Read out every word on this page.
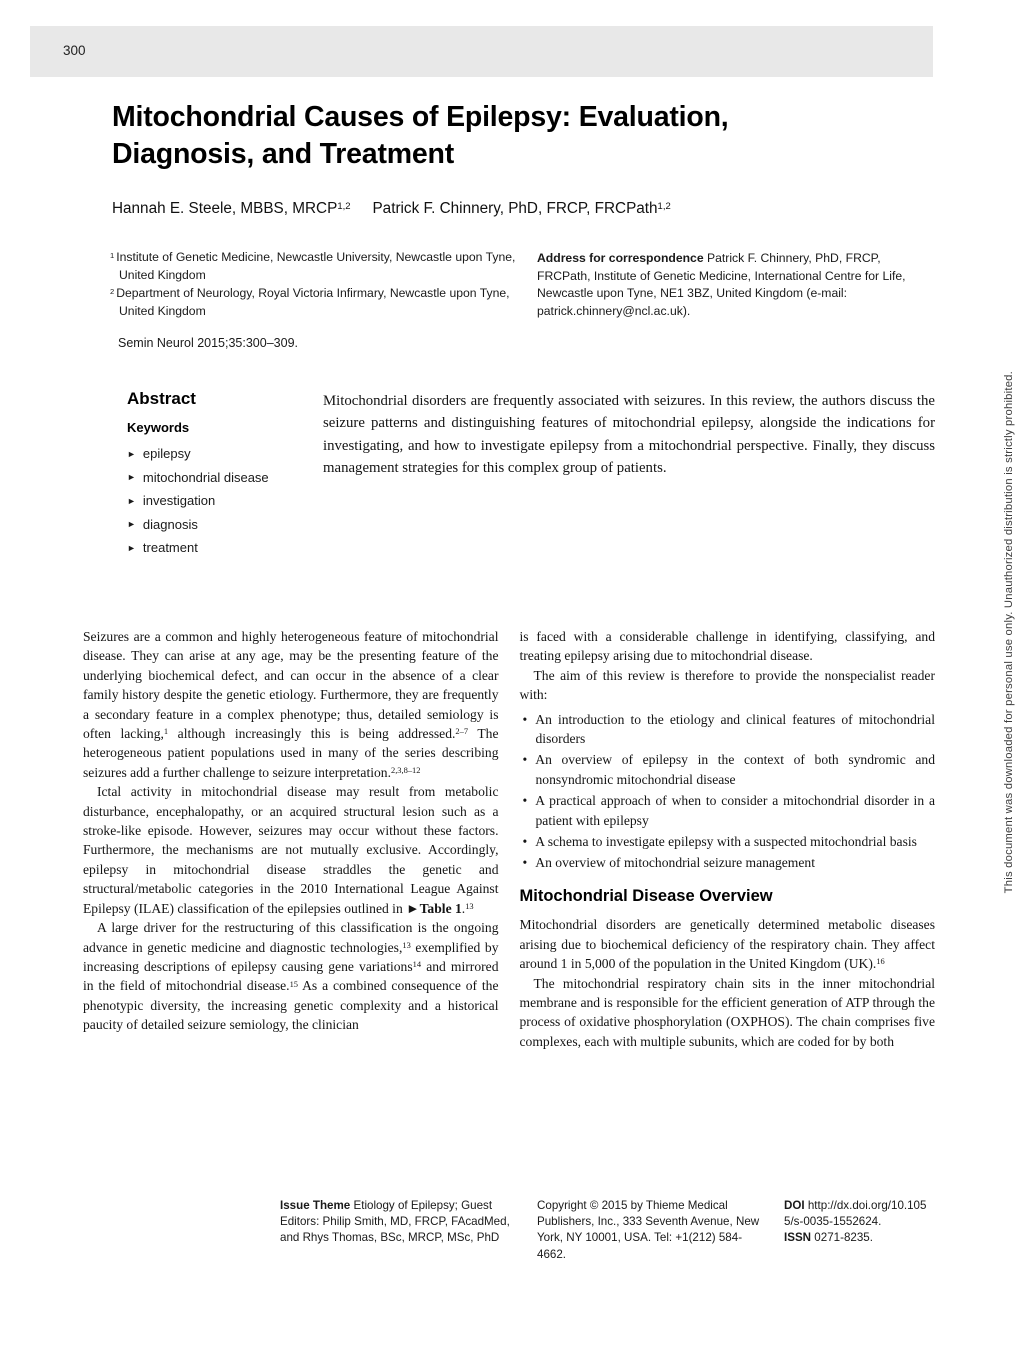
300
Mitochondrial Causes of Epilepsy: Evaluation,
Diagnosis, and Treatment
Hannah E. Steele, MBBS, MRCP$^{1,2}$ Patrick F. Chinnery, PhD, FRCP, FRCPath$^{1,2}$
$^1$ Institute of Genetic Medicine, Newcastle University, Newcastle upon Tyne, United Kingdom
$^2$ Department of Neurology, Royal Victoria Infirmary, Newcastle upon Tyne, United Kingdom

Address for correspondence Patrick F. Chinnery, PhD, FRCP, FRCPath, Institute of Genetic Medicine, International Centre for Life, Newcastle upon Tyne, NE1 3BZ, United Kingdom (e-mail: patrick.chinnery@ncl.ac.uk).

Semin Neurol 2015;35:300–309.

Abstract
Keywords
► epilepsy
► mitochondrial disease
► investigation
► diagnosis
► treatment

Mitochondrial disorders are frequently associated with seizures. In this review, the authors discuss the seizure patterns and distinguishing features of mitochondrial epilepsy, alongside the indications for investigating, and how to investigate epilepsy from a mitochondrial perspective. Finally, they discuss management strategies for this complex group of patients.

Seizures are a common and highly heterogeneous feature of mitochondrial disease. They can arise at any age, may be the presenting feature of the underlying biochemical defect, and can occur in the absence of a clear family history despite the genetic etiology. Furthermore, they are frequently a secondary feature in a complex phenotype; thus, detailed semiology is often lacking,$^1$ although increasingly this is being addressed.$^{2-7}$ The heterogeneous patient populations used in many of the series describing seizures add a further challenge to seizure interpretation.$^{2,3,8-12}$

Ictal activity in mitochondrial disease may result from metabolic disturbance, encephalopathy, or an acquired structural lesion such as a stroke-like episode. However, seizures may occur without these factors. Furthermore, the mechanisms are not mutually exclusive. Accordingly, epilepsy in mitochondrial disease straddles the genetic and structural/metabolic categories in the 2010 International League Against Epilepsy (ILAE) classification of the epilepsies outlined in ►Table 1.13

A large driver for the restructuring of this classification is the ongoing advance in genetic medicine and diagnostic technologies,$^{13}$ exemplified by increasing descriptions of epilepsy causing gene variations$^{14}$ and mirrored in the field of mitochondrial disease.$^{15}$ As a combined consequence of the phenotypic diversity, the increasing genetic complexity and a historical paucity of detailed seizure semiology, the clinician

is faced with a considerable challenge in identifying, classifying, and treating epilepsy arising due to mitochondrial disease.

The aim of this review is therefore to provide the nonspecialist reader with:

• An introduction to the etiology and clinical features of mitochondrial disorders
• An overview of epilepsy in the context of both syndromic and nonsyndromic mitochondrial disease
• A practical approach of when to consider a mitochondrial disorder in a patient with epilepsy
• A schema to investigate epilepsy with a suspected mitochondrial basis
• An overview of mitochondrial seizure management
Mitochondrial Disease Overview

Mitochondrial disorders are genetically determined metabolic diseases arising due to biochemical deficiency of the respiratory chain. They affect around 1 in 5,000 of the population in the United Kingdom (UK).$^{16}$

The mitochondrial respiratory chain sits in the inner mitochondrial membrane and is responsible for the efficient generation of ATP through the process of oxidative phosphorylation (OXPHOS). The chain comprises five complexes, each with multiple subunits, which are coded for by both

Issue Theme Etiology of Epilepsy; Guest Editors: Philip Smith, MD, FRCP, FAcadMed, and Rhys Thomas, BSc, MRCP, MSc, PhD
Copyright © 2015 by Thieme Medical Publishers, Inc., 333 Seventh Avenue, New York, NY 10001, USA. Tel: +1(212) 584-4662.
DOI http://dx.doi.org/10.1055/s-0035-1552624.
ISSN 0271-8235.
This document was downloaded for personal use only. Unauthorized distribution is strictly prohibited.
